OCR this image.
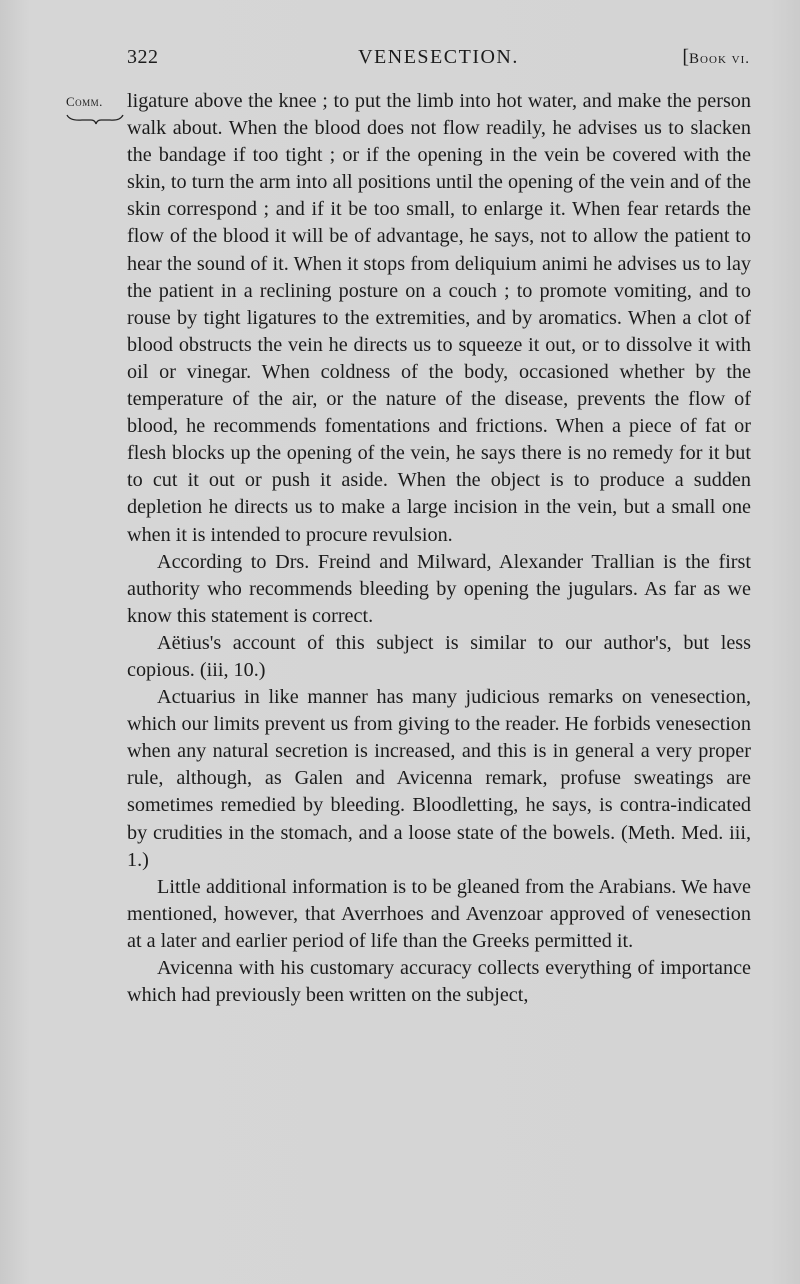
322	VENESECTION.	[Book vi.
Comm. ligature above the knee ; to put the limb into hot water, and make the person walk about. When the blood does not flow readily, he advises us to slacken the bandage if too tight ; or if the opening in the vein be covered with the skin, to turn the arm into all positions until the opening of the vein and of the skin correspond ; and if it be too small, to enlarge it. When fear retards the flow of the blood it will be of advantage, he says, not to allow the patient to hear the sound of it. When it stops from deliquium animi he advises us to lay the patient in a reclining posture on a couch ; to promote vomiting, and to rouse by tight ligatures to the extremities, and by aromatics. When a clot of blood obstructs the vein he directs us to squeeze it out, or to dissolve it with oil or vinegar. When coldness of the body, occasioned whether by the temperature of the air, or the nature of the disease, prevents the flow of blood, he recommends fomentations and frictions. When a piece of fat or flesh blocks up the opening of the vein, he says there is no remedy for it but to cut it out or push it aside. When the object is to produce a sudden depletion he directs us to make a large incision in the vein, but a small one when it is intended to procure revulsion.

According to Drs. Freind and Milward, Alexander Trallian is the first authority who recommends bleeding by opening the jugulars. As far as we know this statement is correct.

Aëtius's account of this subject is similar to our author's, but less copious. (iii, 10.)

Actuarius in like manner has many judicious remarks on venesection, which our limits prevent us from giving to the reader. He forbids venesection when any natural secretion is increased, and this is in general a very proper rule, although, as Galen and Avicenna remark, profuse sweatings are sometimes remedied by bleeding. Bloodletting, he says, is contra-indicated by crudities in the stomach, and a loose state of the bowels. (Meth. Med. iii, 1.)

Little additional information is to be gleaned from the Arabians. We have mentioned, however, that Averrhoes and Avenzoar approved of venesection at a later and earlier period of life than the Greeks permitted it.

Avicenna with his customary accuracy collects everything of importance which had previously been written on the subject,
